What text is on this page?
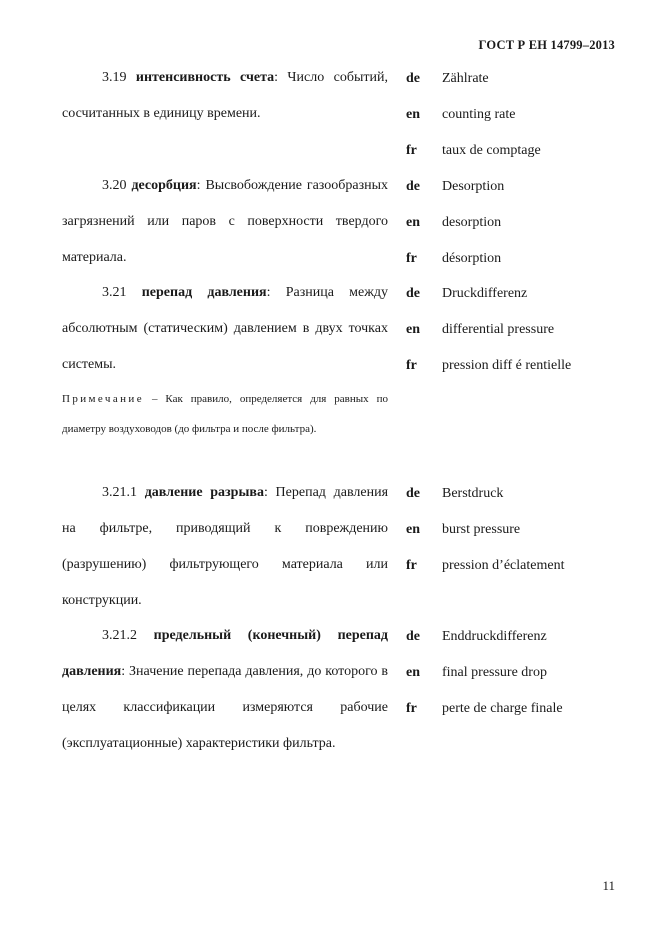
ГОСТ Р ЕН 14799–2013

3.19 интенсивность счета: Число событий, сосчитанных в единицу времени.

de Zählrate
en counting rate
fr taux de comptage

3.20 десорбция: Высвобождение газообразных загрязнений или паров с поверхности твердого материала.

de Desorption
en desorption
fr désorption

3.21 перепад давления: Разница между абсолютным (статическим) давлением в двух точках системы.

de Druckdifferenz
en differential pressure
fr pression diff é rentielle
Примечание – Как правило, определяется для равных по диаметру воздуховодов (до фильтра и после фильтра).

3.21.1 давление разрыва: Перепад давления на фильтре, приводящий к повреждению (разрушению) фильтрующего материала или конструкции.

de Berstdruck
en burst pressure
fr pression d’éclatement

3.21.2 предельный (конечный) перепад давления: Значение перепада давления, до которого в целях классификации измеряются рабочие (эксплуатационные) характеристики фильтра.

de Enddruckdifferenz
en final pressure drop
fr perte de charge finale
11
